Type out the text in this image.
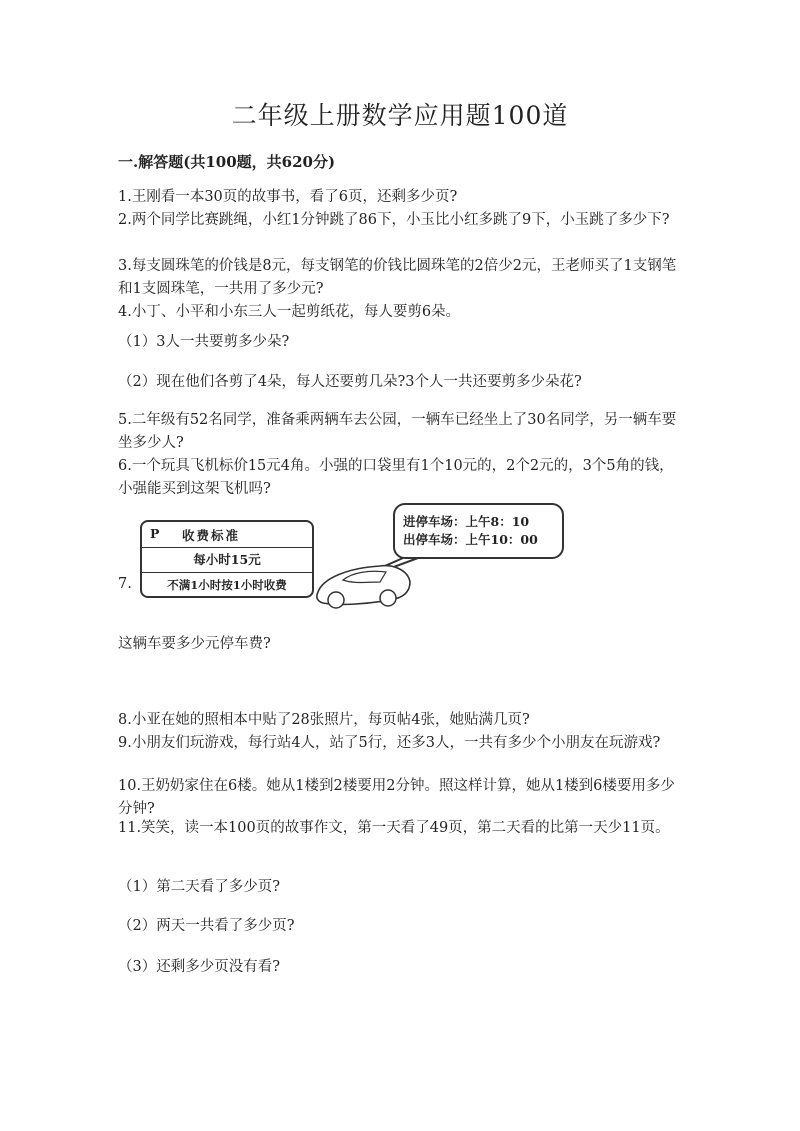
二年级上册数学应用题100道
一.解答题(共100题，共620分)

1.王刚看一本30页的故事书，看了6页，还剩多少页?

2.两个同学比赛跳绳，小红1分钟跳了86下，小玉比小红多跳了9下，小玉跳了多少下?

3.每支圆珠笔的价钱是8元，每支钢笔的价钱比圆珠笔的2倍少2元，王老师买了1支钢笔和1支圆珠笔，一共用了多少元?

4.小丁、小平和小东三人一起剪纸花，每人要剪6朵。

（1）3人一共要剪多少朵?

（2）现在他们各剪了4朵，每人还要剪几朵?3个人一共还要剪多少朵花?

5.二年级有52名同学，准备乘两辆车去公园，一辆车已经坐上了30名同学，另一辆车要坐多少人?

6.一个玩具飞机标价15元4角。小强的口袋里有1个10元的，2个2元的，3个5角的钱，小强能买到这架飞机吗?

7.
P 收费标准
每小时15元
不满1小时按1小时收费
进停车场：上午8：10
出停车场：上午10：00

这辆车要多少元停车费?

8.小亚在她的照相本中贴了28张照片，每页帖4张，她贴满几页?

9.小朋友们玩游戏，每行站4人，站了5行，还多3人，一共有多少个小朋友在玩游戏?

10.王奶奶家住在6楼。她从1楼到2楼要用2分钟。照这样计算，她从1楼到6楼要用多少分钟?

11.笑笑，读一本100页的故事作文，第一天看了49页，第二天看的比第一天少11页。

（1）第二天看了多少页?

（2）两天一共看了多少页?

（3）还剩多少页没有看?
